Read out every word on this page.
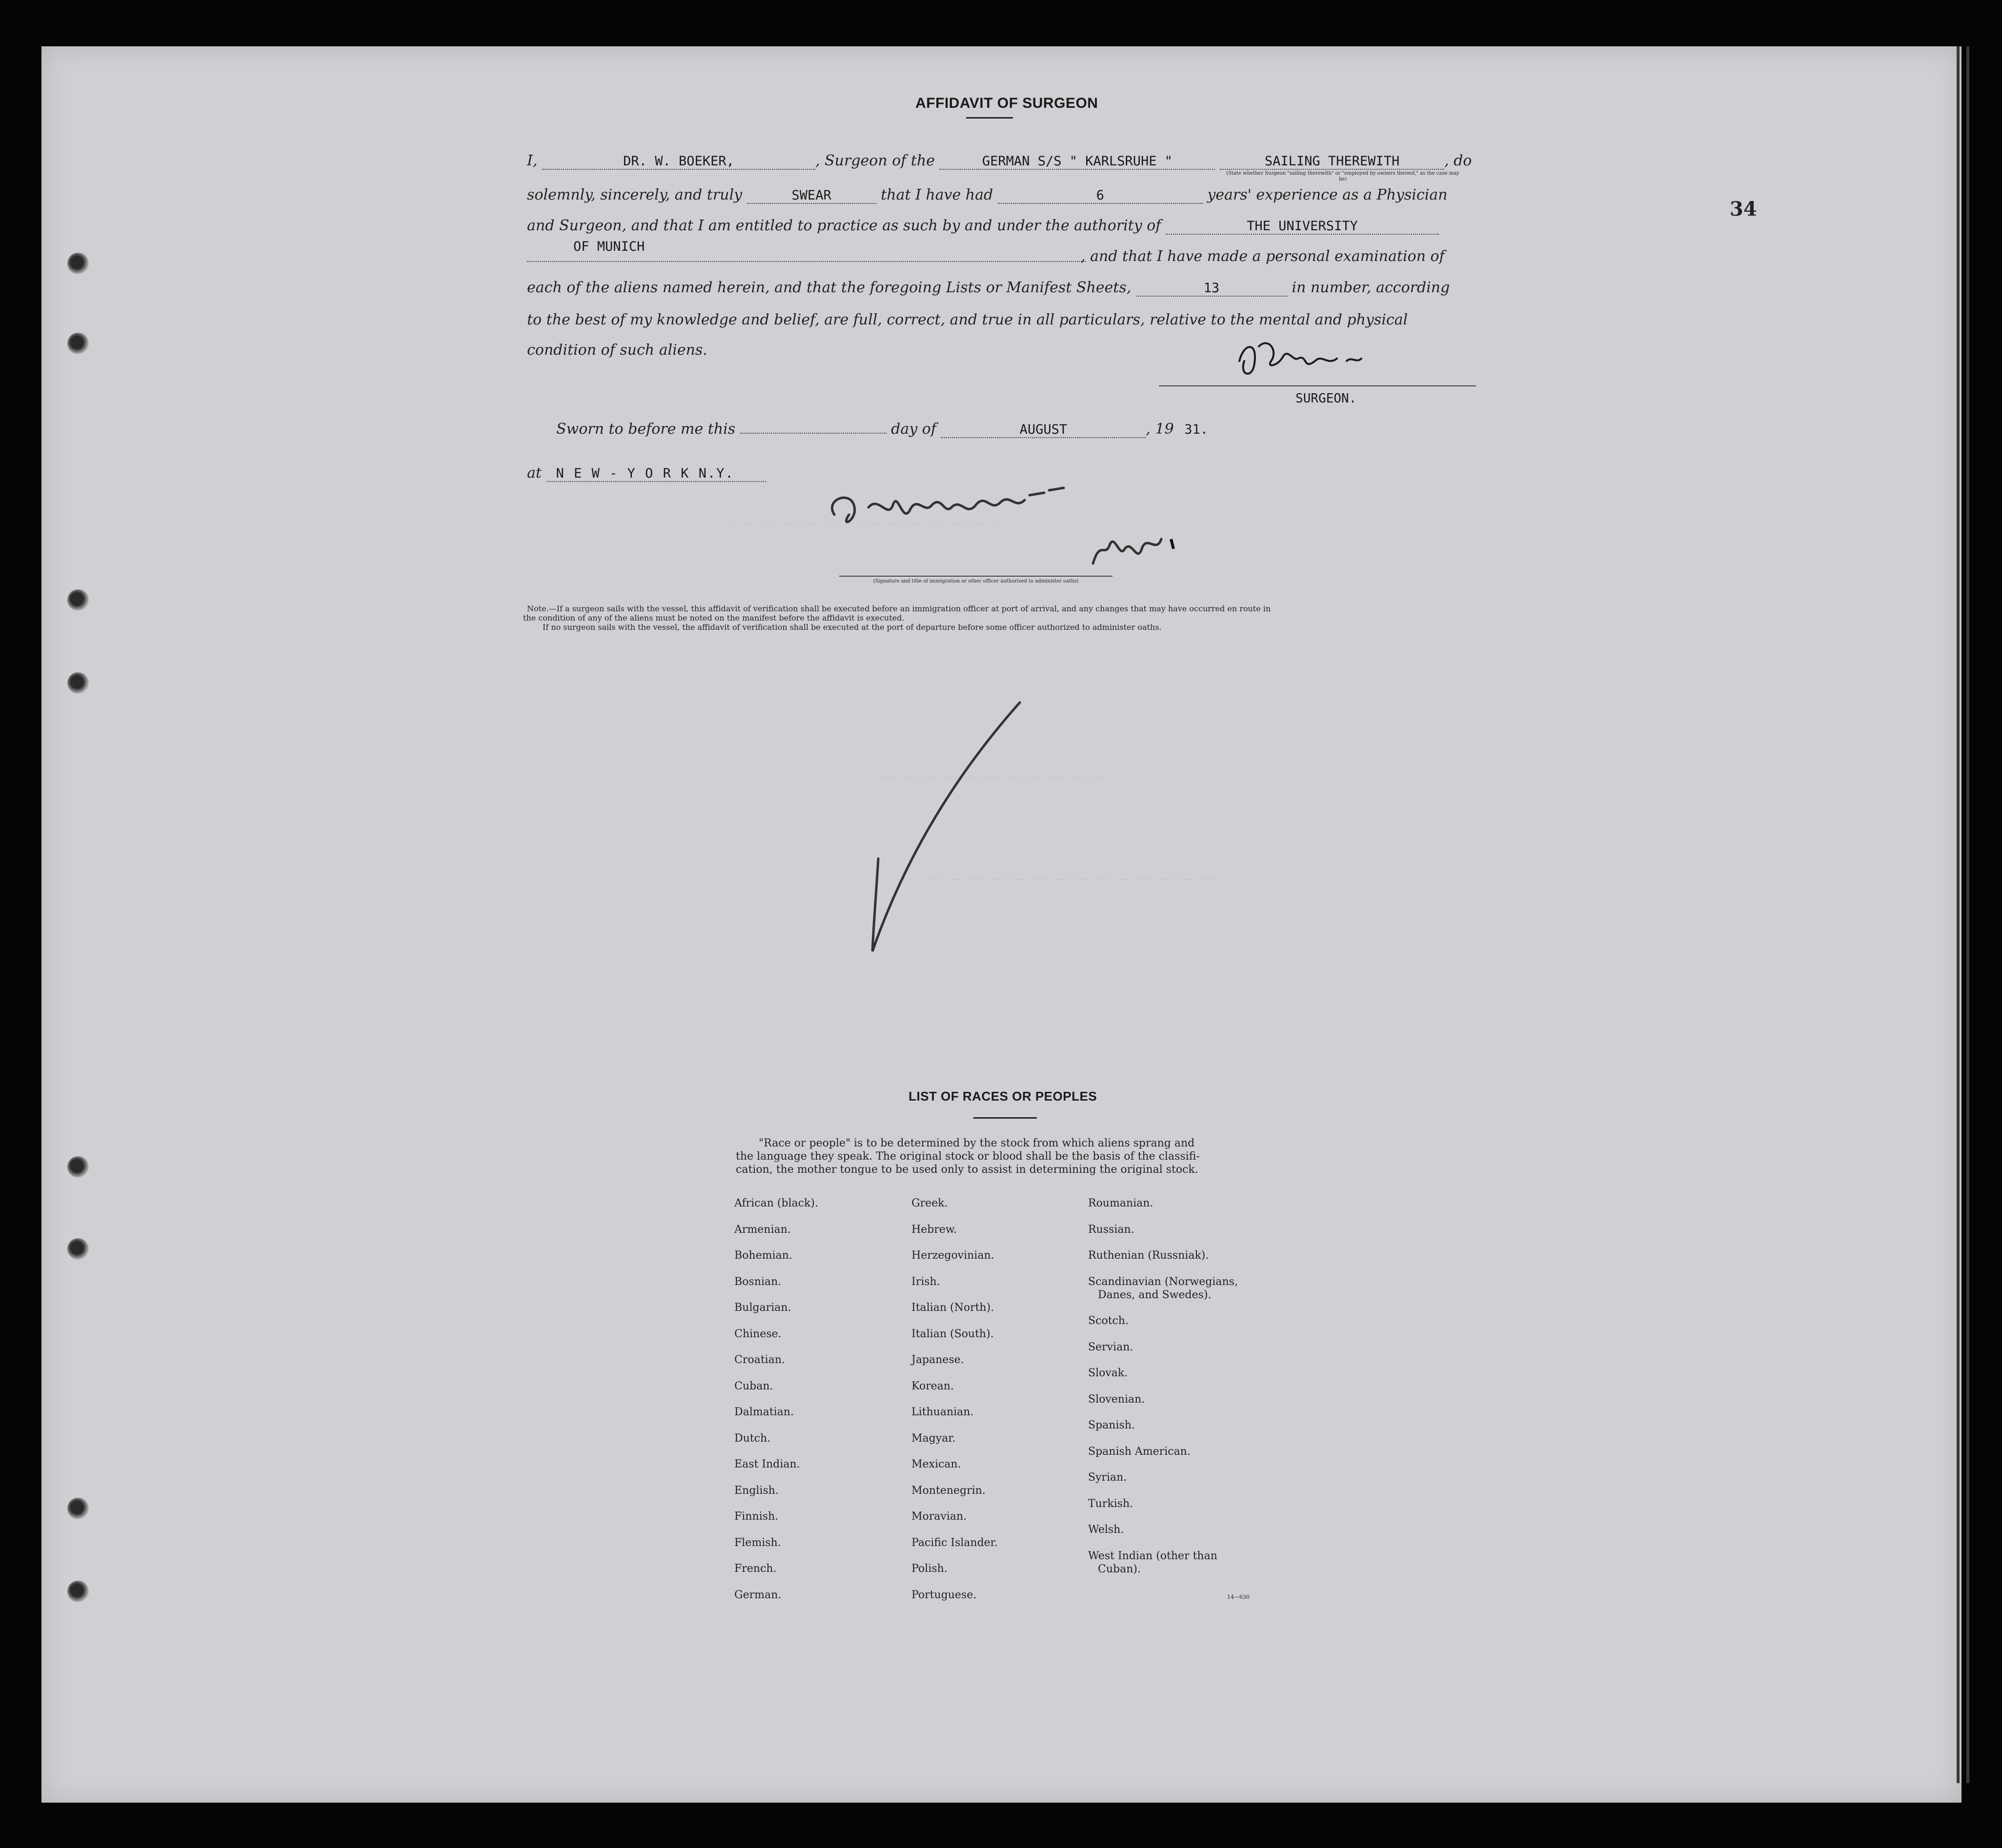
— — — — — — — — — — — — — — — — — — — — —
— — — — — — — — — — — — — — — — — —
— — — — — — — — — — — — — — — — — — — — — — —
34
AFFIDAVIT OF SURGEON
I,	DR. W. BOEKER,	, Surgeon of the	GERMAN S/S " KARLSRUHE "	SAILING THEREWITH	, do
(State whether Surgeon "sailing therewith" or "employed by owners thereof," as the case may be)
solemnly, sincerely, and truly	SWEAR	that I have had	6	years' experience as a Physician
and Surgeon, and that I am entitled to practice as such by and under the authority of	THE UNIVERSITY
OF MUNICH
, and that I have made a personal examination of
each of the aliens named herein, and that the foregoing Lists or Manifest Sheets,	13	in number, according
to the best of my knowledge and belief, are full, correct, and true in all particulars, relative to the mental and physical
condition of such aliens.
SURGEON.
Sworn to before me this	day of	AUGUST	, 19 31.
at N E W - Y O R K N.Y.
(Signature and title of immigration or other officer authorized to administer oaths)
Note.—If a surgeon sails with the vessel, this affidavit of verification shall be executed before an immigration officer at port of arrival, and any changes that may have occurred en route in
the condition of any of the aliens must be noted on the manifest before the affidavit is executed.
If no surgeon sails with the vessel, the affidavit of verification shall be executed at the port of departure before some officer authorized to administer oaths.
LIST OF RACES OR PEOPLES
"Race or people" is to be determined by the stock from which aliens sprang and
the language they speak. The original stock or blood shall be the basis of the classifi-
cation, the mother tongue to be used only to assist in determining the original stock.
African (black).
Armenian.
Bohemian.
Bosnian.
Bulgarian.
Chinese.
Croatian.
Cuban.
Dalmatian.
Dutch.
East Indian.
English.
Finnish.
Flemish.
French.
German.
Greek.
Hebrew.
Herzegovinian.
Irish.
Italian (North).
Italian (South).
Japanese.
Korean.
Lithuanian.
Magyar.
Mexican.
Montenegrin.
Moravian.
Pacific Islander.
Polish.
Portuguese.
Roumanian.
Russian.
Ruthenian (Russniak).
Scandinavian (Norwegians,
Danes, and Swedes).
Scotch.
Servian.
Slovak.
Slovenian.
Spanish.
Spanish American.
Syrian.
Turkish.
Welsh.
West Indian (other than
Cuban).
14—630
